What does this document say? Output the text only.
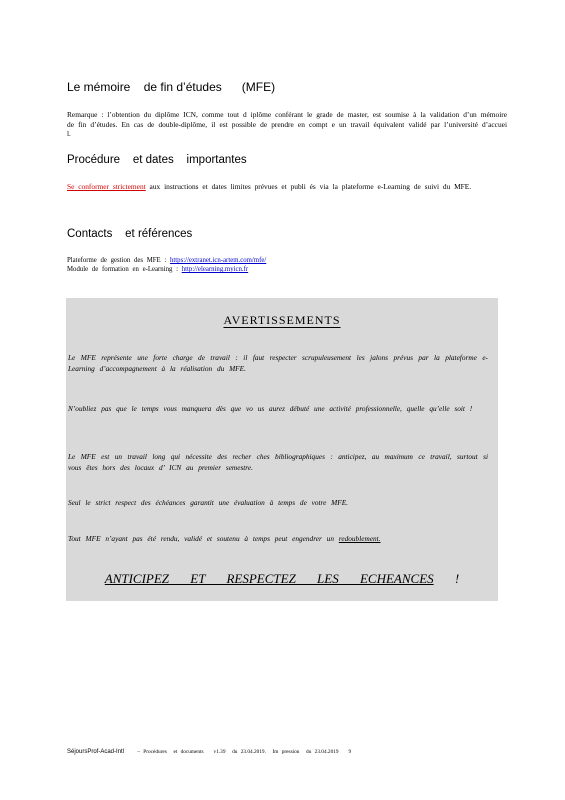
Le mémoire    de fin d’études      (MFE)
Remarque : l’obtention du diplôme ICN, comme tout d iplôme conférant le grade de master, est soumise à la validation d’un mémoire de fin d’études. En cas de double-diplôme, il est possible de prendre en compt e un travail équivalent validé par l’université d’accuei l.
Procédure    et dates    importantes
Se conformer strictement aux instructions et dates limites prévues et publi és via la plateforme e-Learning de suivi du MFE.
Contacts    et références
Plateforme de gestion des MFE : https://extranet.icn-artem.com/mfe/
Module de formation en e-Learning : http://elearning.myicn.fr
AVERTISSEMENTS
Le MFE représente une forte charge de travail : il faut respecter scrupuleusement les jalons prévus par la plateforme e-Learning d’accompagnement à la réalisation du MFE.
N’oubliez pas que le temps vous manquera dès que vo us aurez débuté une activité professionnelle, quelle qu’elle soit !
Le MFE est un travail long qui nécessite des recher ches bibliographiques : anticipez, au maximum ce travail, surtout si vous êtes hors des locaux d’ ICN au premier semestre.
Seul le strict respect des échéances garantit une évaluation à temps de votre MFE.
Tout MFE n’ayant pas été rendu, validé et soutenu à temps peut engendrer un redoublement.
ANTICIPEZ ET RESPECTEZ LES ECHEANCES !
SéjoursProf-Acad-Intl	– Procédures  et documents   v1.39  du 23.04.2019.  Im pression  du 23.04.2019   9
